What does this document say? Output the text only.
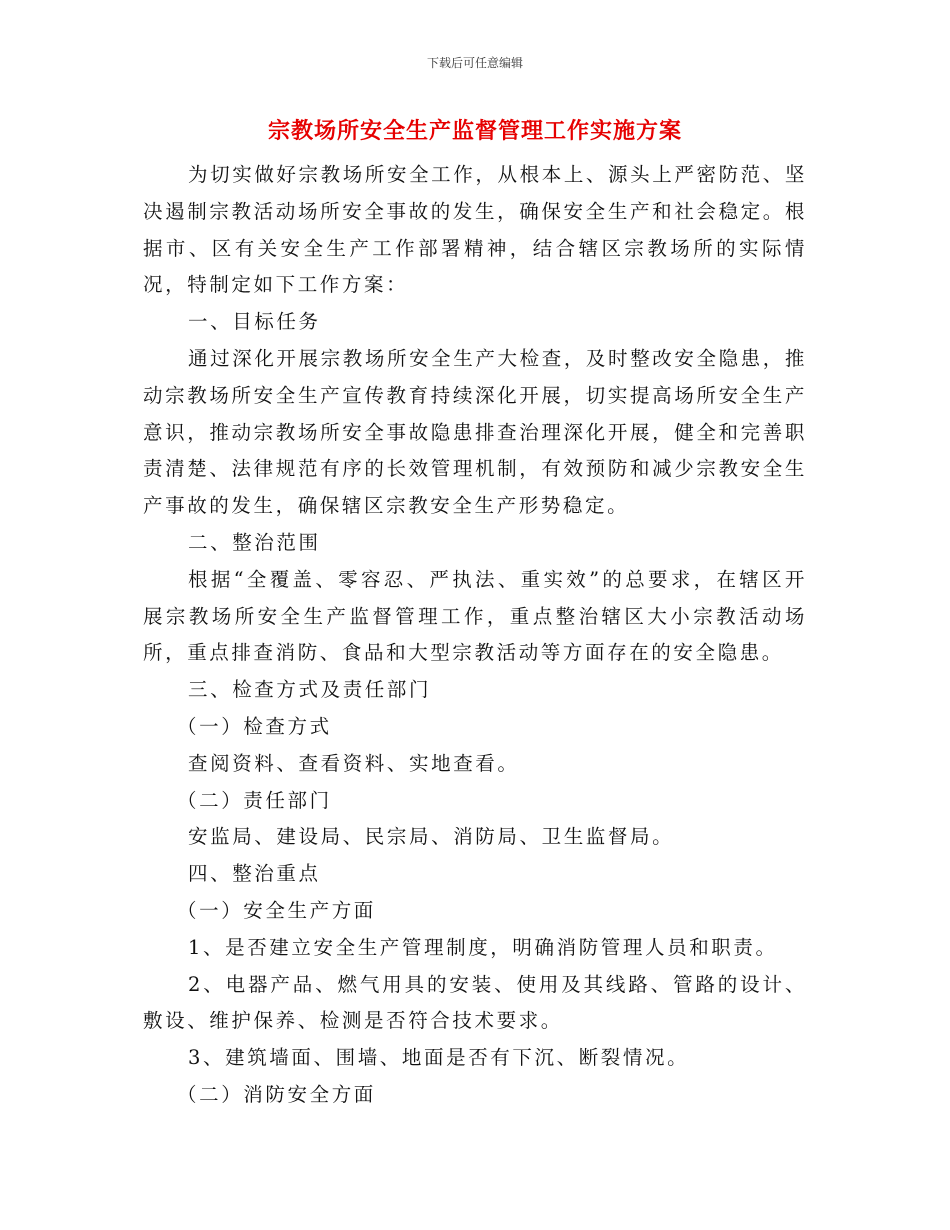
下载后可任意编辑
宗教场所安全生产监督管理工作实施方案

为切实做好宗教场所安全工作，从根本上、源头上严密防范、坚决遏制宗教活动场所安全事故的发生，确保安全生产和社会稳定。根据市、区有关安全生产工作部署精神，结合辖区宗教场所的实际情况，特制定如下工作方案：

一、目标任务

通过深化开展宗教场所安全生产大检查，及时整改安全隐患，推动宗教场所安全生产宣传教育持续深化开展，切实提高场所安全生产意识，推动宗教场所安全事故隐患排查治理深化开展，健全和完善职责清楚、法律规范有序的长效管理机制，有效预防和减少宗教安全生产事故的发生，确保辖区宗教安全生产形势稳定。

二、整治范围

根据“全覆盖、零容忍、严执法、重实效”的总要求，在辖区开展宗教场所安全生产监督管理工作，重点整治辖区大小宗教活动场所，重点排查消防、食品和大型宗教活动等方面存在的安全隐患。

三、检查方式及责任部门

（一）检查方式

查阅资料、查看资料、实地查看。

（二）责任部门

安监局、建设局、民宗局、消防局、卫生监督局。

四、整治重点

（一）安全生产方面

1、是否建立安全生产管理制度，明确消防管理人员和职责。

2、电器产品、燃气用具的安装、使用及其线路、管路的设计、敷设、维护保养、检测是否符合技术要求。

3、建筑墙面、围墙、地面是否有下沉、断裂情况。

（二）消防安全方面
